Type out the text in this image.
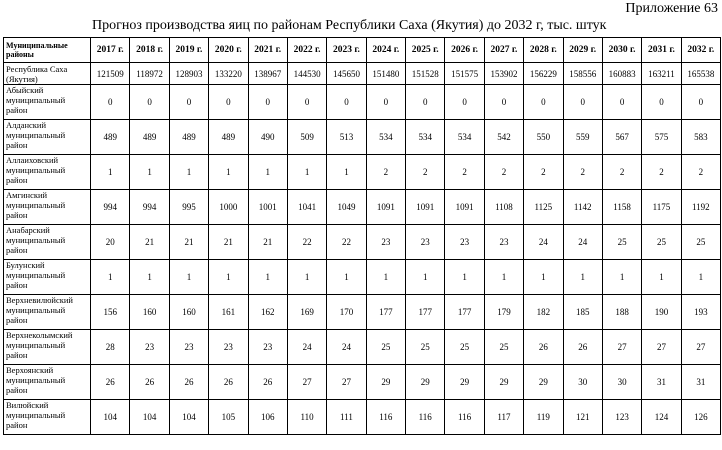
Приложение 63
Прогноз производства яиц по районам Республики Саха (Якутия) до 2032 г, тыс. штук
Муниципальные районы	2017 г.	2018 г.	2019 г.	2020 г.	2021 г.	2022 г.	2023 г.	2024 г.	2025 г.	2026 г.	2027 г.	2028 г.	2029 г.	2030 г.	2031 г.	2032 г.
Республика Саха (Якутия)	121509	118972	128903	133220	138967	144530	145650	151480	151528	151575	153902	156229	158556	160883	163211	165538
Абыйский муниципальный район	0	0	0	0	0	0	0	0	0	0	0	0	0	0	0	0
Алданский муниципальный район	489	489	489	489	490	509	513	534	534	534	542	550	559	567	575	583
Аллаиховский муниципальный район	1	1	1	1	1	1	1	2	2	2	2	2	2	2	2	2
Амгинский муниципальный район	994	994	995	1000	1001	1041	1049	1091	1091	1091	1108	1125	1142	1158	1175	1192
Анабарский муниципальный район	20	21	21	21	21	22	22	23	23	23	23	24	24	25	25	25
Булунский муниципальный район	1	1	1	1	1	1	1	1	1	1	1	1	1	1	1	1
Верхневилюйский муниципальный район	156	160	160	161	162	169	170	177	177	177	179	182	185	188	190	193
Верхнеколымский муниципальный район	28	23	23	23	23	24	24	25	25	25	25	26	26	27	27	27
Верхоянский муниципальный район	26	26	26	26	26	27	27	29	29	29	29	29	30	30	31	31
Вилюйский муниципальный район	104	104	104	105	106	110	111	116	116	116	117	119	121	123	124	126
